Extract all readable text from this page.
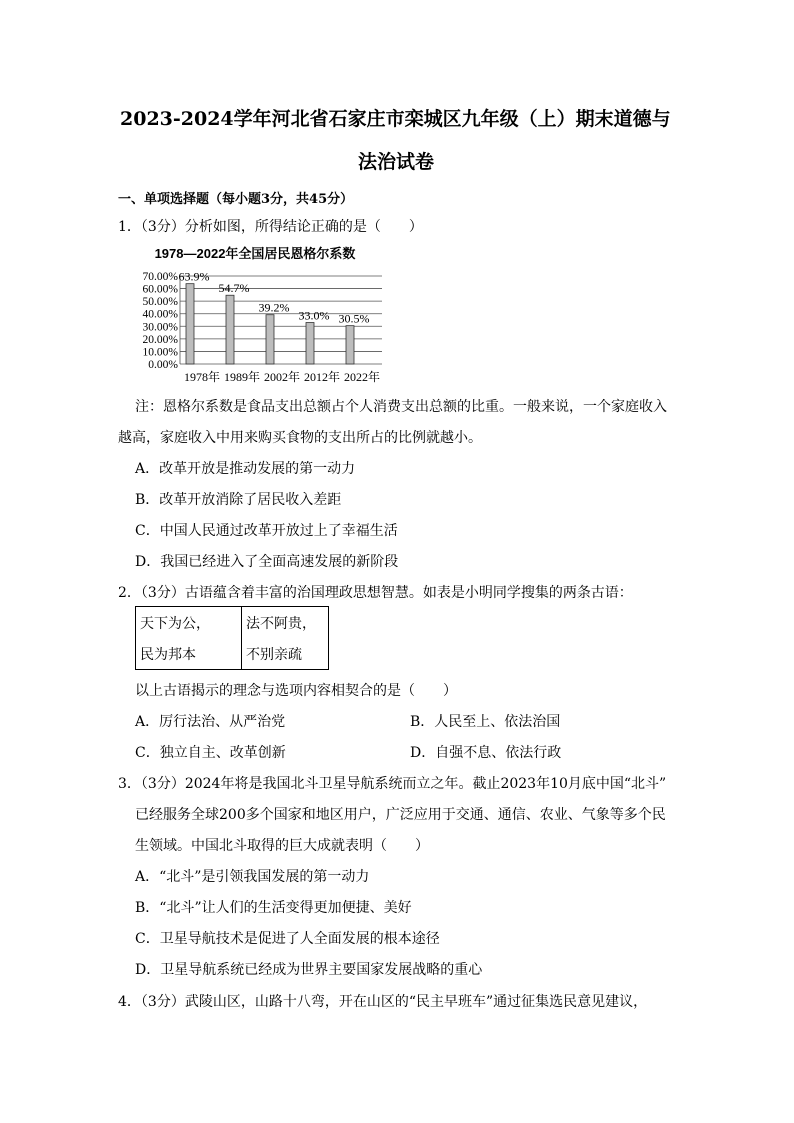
2023-2024学年河北省石家庄市栾城区九年级（上）期末道德与
法治试卷
一、单项选择题（每小题3分，共45分）
1．（3分）分析如图，所得结论正确的是（　　）
1978—2022年全国居民恩格尔系数
70.00%
60.00%
50.00%
40.00%
30.00%
20.00%
10.00%
0.00%
63.9%
54.7%
39.2%
33.0% 30.5%
1978年 1989年 2002年 2012年 2022年
注：恩格尔系数是食品支出总额占个人消费支出总额的比重。一般来说，一个家庭收入
越高，家庭收入中用来购买食物的支出所占的比例就越小。
A．改革开放是推动发展的第一动力
B．改革开放消除了居民收入差距
C．中国人民通过改革开放过上了幸福生活
D．我国已经进入了全面高速发展的新阶段
2．（3分）古语蕴含着丰富的治国理政思想智慧。如表是小明同学搜集的两条古语：
天下为公，	法不阿贵，
民为邦本	不别亲疏
以上古语揭示的理念与选项内容相契合的是（　　）
A．厉行法治、从严治党	B．人民至上、依法治国
C．独立自主、改革创新	D．自强不息、依法行政
3．（3分）2024年将是我国北斗卫星导航系统而立之年。截止2023年10月底中国“北斗”
已经服务全球200多个国家和地区用户，广泛应用于交通、通信、农业、气象等多个民
生领域。中国北斗取得的巨大成就表明（　　）
A．“北斗”是引领我国发展的第一动力
B．“北斗”让人们的生活变得更加便捷、美好
C．卫星导航技术是促进了人全面发展的根本途径
D．卫星导航系统已经成为世界主要国家发展战略的重心
4．（3分）武陵山区，山路十八弯，开在山区的“民主早班车”通过征集选民意见建议，
